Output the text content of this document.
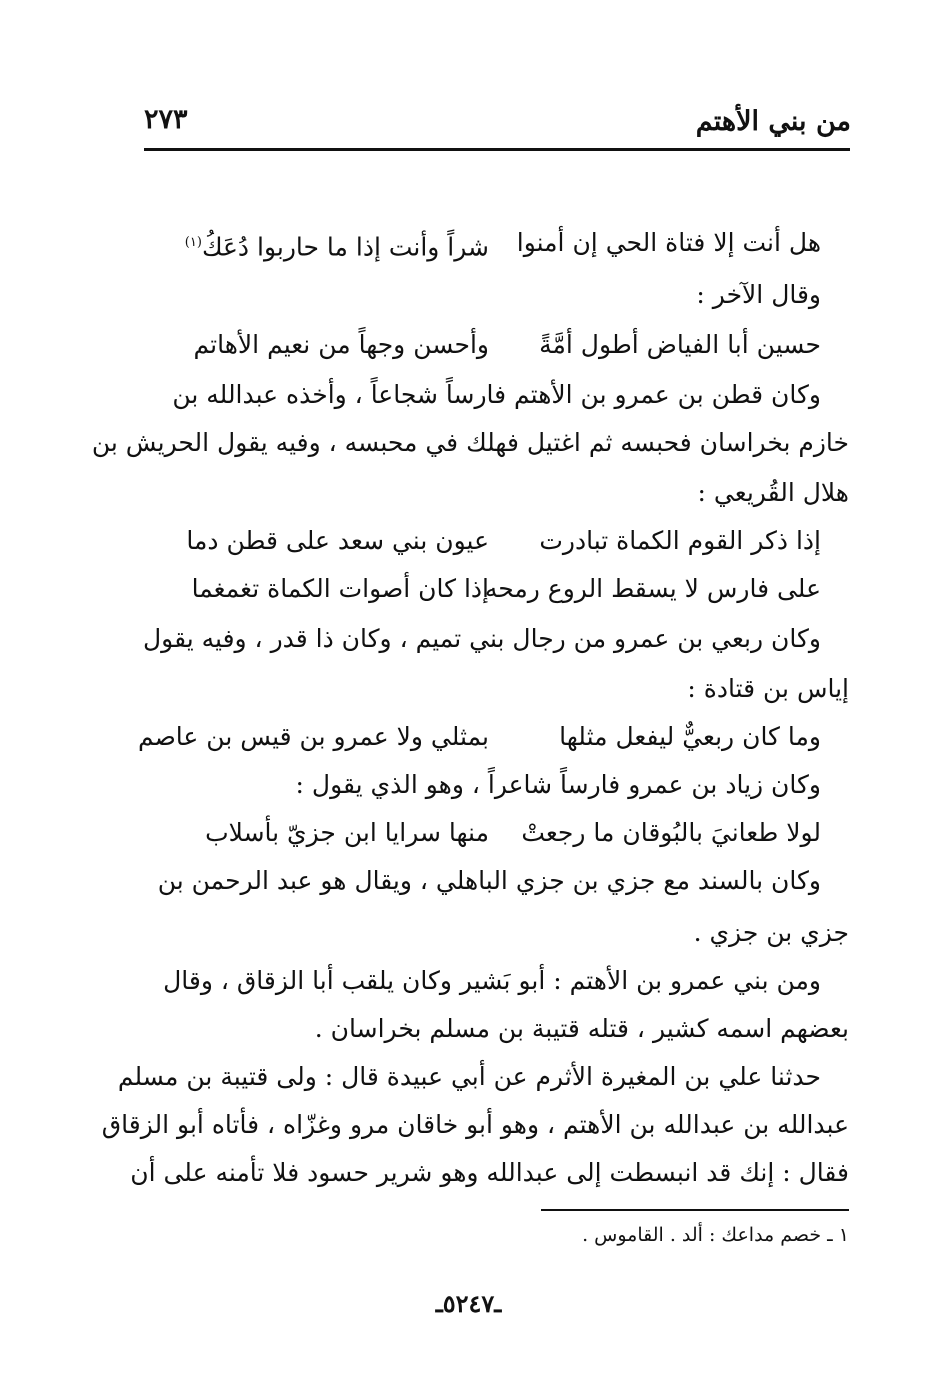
من بني الأهتم
٢٧٣
هل أنت إلا فتاة الحي إن أمنوا
شراً وأنت إذا ما حاربوا دُعَكُ$^{(١)}$
وقال الآخر :
حسين أبا الفياض أطول أمَّةً
وأحسن وجهاً من نعيم الأهاتم
وكان قطن بن عمرو بن الأهتم فارساً شجاعاً ، وأخذه عبدالله بن
خازم بخراسان فحبسه ثم اغتيل فهلك في محبسه ، وفيه يقول الحريش بن
هلال القُريعي :
إذا ذكر القوم الكماة تبادرت
عيون بني سعد على قطن دما
على فارس لا يسقط الروع رمحه
إذا كان أصوات الكماة تغمغما
وكان ربعي بن عمرو من رجال بني تميم ، وكان ذا قدر ، وفيه يقول
إياس بن قتادة :
وما كان ربعيٌّ ليفعل مثلها
بمثلي ولا عمرو بن قيس بن عاصم
وكان زياد بن عمرو فارساً شاعراً ، وهو الذي يقول :
لولا طعانيَ بالبُوقان ما رجعتْ
منها سرايا ابن جزيّ بأسلاب
وكان بالسند مع جزي بن جزي الباهلي ، ويقال هو عبد الرحمن بن
جزي بن جزي .
ومن بني عمرو بن الأهتم : أبو بَشير وكان يلقب أبا الزقاق ، وقال
بعضهم اسمه كشير ، قتله قتيبة بن مسلم بخراسان .
حدثنا علي بن المغيرة الأثرم عن أبي عبيدة قال : ولى قتيبة بن مسلم
عبدالله بن عبدالله بن الأهتم ، وهو أبو خاقان مرو وغزّاه ، فأتاه أبو الزقاق
فقال : إنك قد انبسطت إلى عبدالله وهو شرير حسود فلا تأمنه على أن
١ ـ خصم مداعك : ألد . القاموس .
ـ٥٢٤٧ـ
